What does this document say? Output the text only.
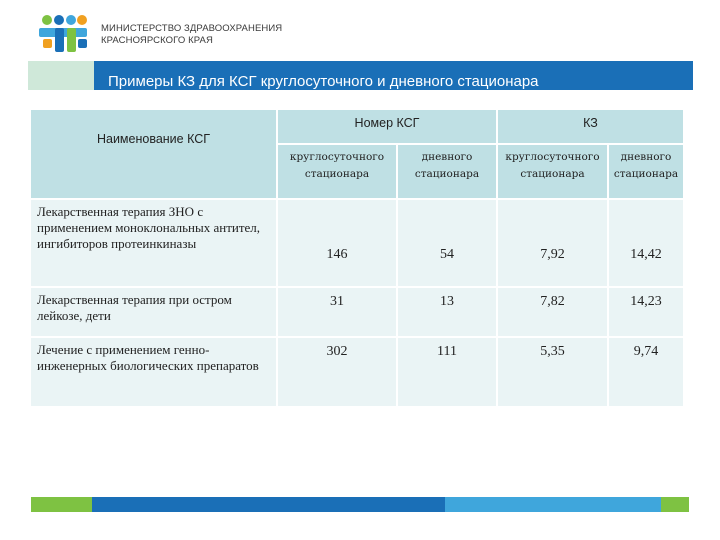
МИНИСТЕРСТВО ЗДРАВООХРАНЕНИЯ
КРАСНОЯРСКОГО КРАЯ
Примеры КЗ для КСГ круглосуточного и дневного стационара
Наименование КСГ	Номер КСГ		КЗ	
	круглосуточного стационара	дневного стационара	круглосуточного стационара	дневного стационара
Лекарственная терапия ЗНО с применением моноклональных антител, ингибиторов протеинкиназы	146	54	7,92	14,42
Лекарственная терапия при остром лейкозе, дети	31	13	7,82	14,23
Лечение с применением генно-инженерных биологических препаратов	302	111	5,35	9,74
